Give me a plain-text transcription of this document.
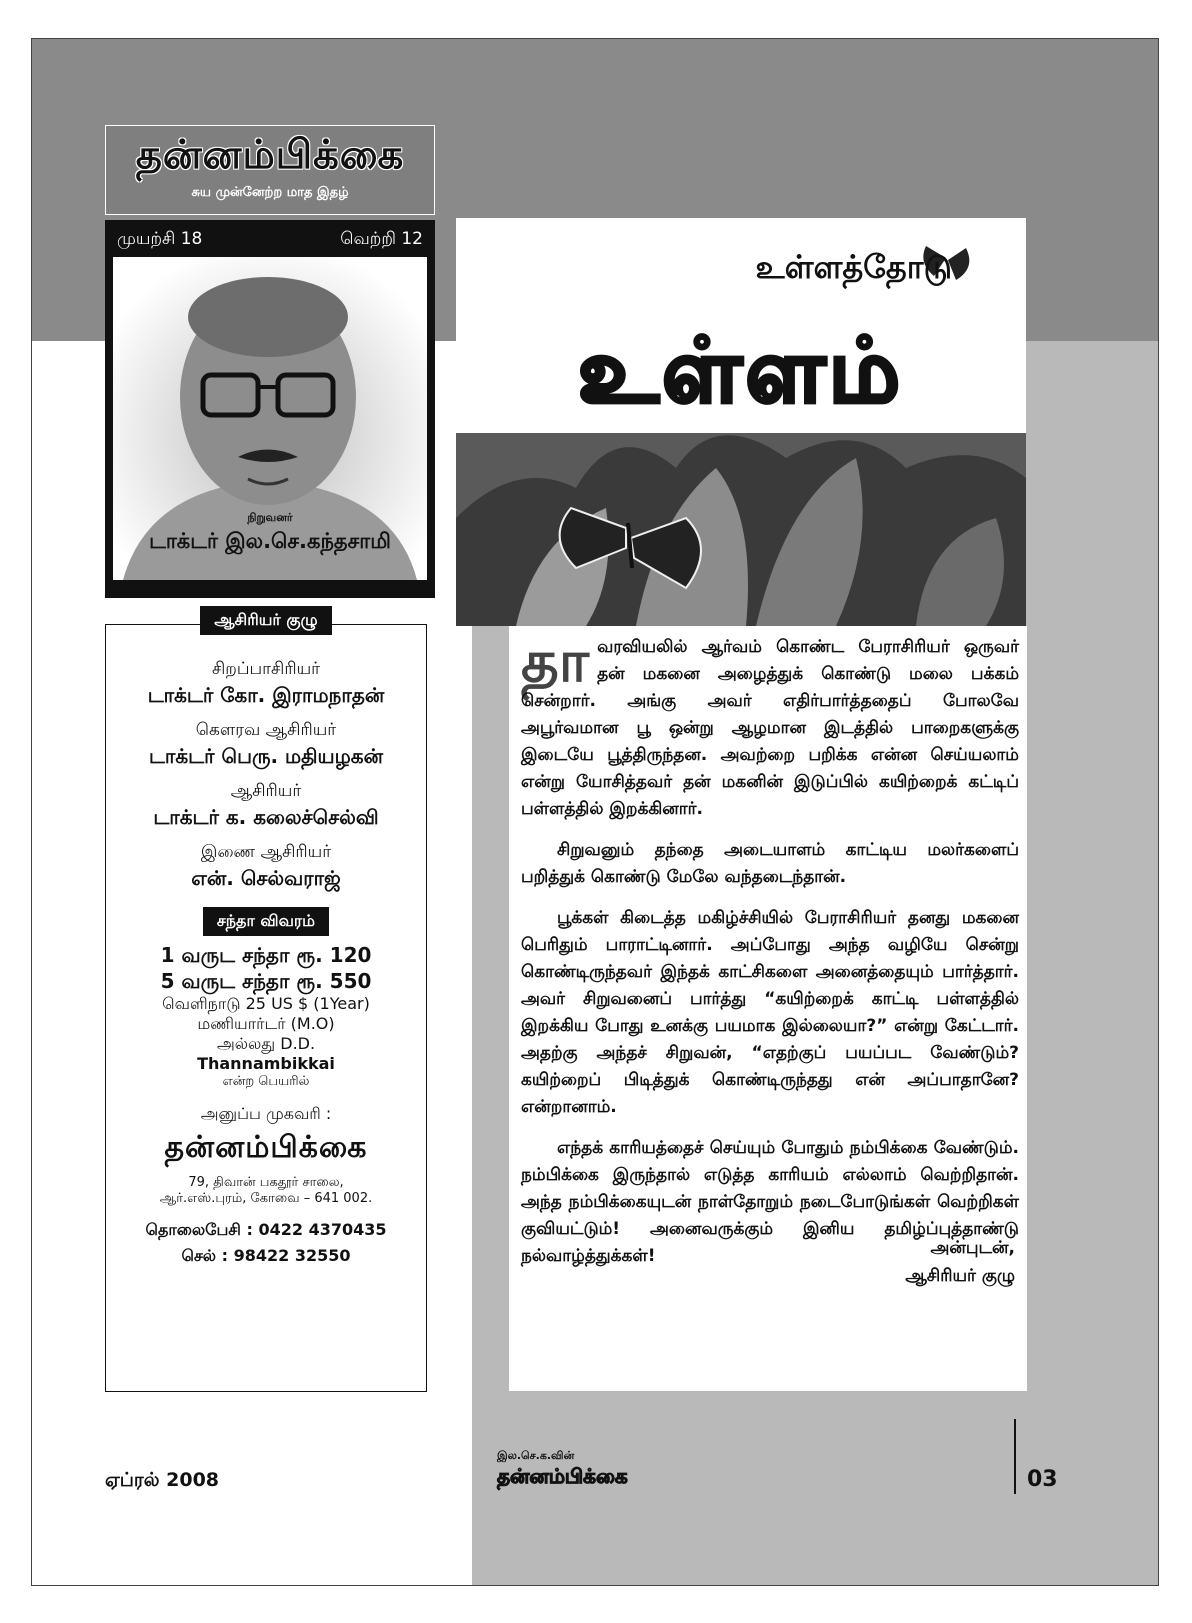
தன்னம்பிக்கை
சுய முன்னேற்ற மாத இதழ்
முயற்சி 18	வெற்றி 12
நிறுவனர்
டாக்டர் இல.செ.கந்தசாமி
ஆசிரியர் குழு
சிறப்பாசிரியர்
டாக்டர் கோ. இராமநாதன்
கௌரவ ஆசிரியர்
டாக்டர் பெரு. மதியழகன்
ஆசிரியர்
டாக்டர் க. கலைச்செல்வி
இணை ஆசிரியர்
என். செல்வராஜ்
சந்தா விவரம்
1 வருட சந்தா ரூ. 120
5 வருட சந்தா ரூ. 550
வெளிநாடு 25 US $ (1Year)
மணியார்டர் (M.O)
அல்லது D.D.
Thannambikkai
என்ற பெயரில்
அனுப்ப முகவரி :
தன்னம்பிக்கை
79, திவான் பகதூர் சாலை,
ஆர்.எஸ்.புரம், கோவை – 641 002.
தொலைபேசி : 0422 4370435
செல் : 98422 32550
உள்ளத்தோடு
உள்ளம்

தா வரவியலில் ஆர்வம் கொண்ட பேராசிரியர் ஒருவர் தன் மகனை அழைத்துக் கொண்டு மலை பக்கம் சென்றார். அங்கு அவர் எதிர்பார்த்ததைப் போலவே அபூர்வமான பூ ஒன்று ஆழமான இடத்தில் பாறைகளுக்கு இடையே பூத்திருந்தன. அவற்றை பறிக்க என்ன செய்யலாம் என்று யோசித்தவர் தன் மகனின் இடுப்பில் கயிற்றைக் கட்டிப் பள்ளத்தில் இறக்கினார்.

சிறுவனும் தந்தை அடையாளம் காட்டிய மலர்களைப் பறித்துக் கொண்டு மேலே வந்தடைந்தான்.

பூக்கள் கிடைத்த மகிழ்ச்சியில் பேராசிரியர் தனது மகனை பெரிதும் பாராட்டினார். அப்போது அந்த வழியே சென்று கொண்டிருந்தவர் இந்தக் காட்சிகளை அனைத்தையும் பார்த்தார். அவர் சிறுவனைப் பார்த்து “கயிற்றைக் காட்டி பள்ளத்தில் இறக்கிய போது உனக்கு பயமாக இல்லையா?” என்று கேட்டார். அதற்கு அந்தச் சிறுவன், “எதற்குப் பயப்பட வேண்டும்? கயிற்றைப் பிடித்துக் கொண்டிருந்தது என் அப்பாதானே? என்றானாம்.

எந்தக் காரியத்தைச் செய்யும் போதும் நம்பிக்கை வேண்டும். நம்பிக்கை இருந்தால் எடுத்த காரியம் எல்லாம் வெற்றிதான். அந்த நம்பிக்கையுடன் நாள்தோறும் நடைபோடுங்கள் வெற்றிகள் குவியட்டும்! அனைவருக்கும் இனிய தமிழ்ப்புத்தாண்டு நல்வாழ்த்துக்கள்!	அன்புடன்,
ஆசிரியர் குழு
ஏப்ரல் 2008
இல.செ.க.வின்
தன்னம்பிக்கை	03
